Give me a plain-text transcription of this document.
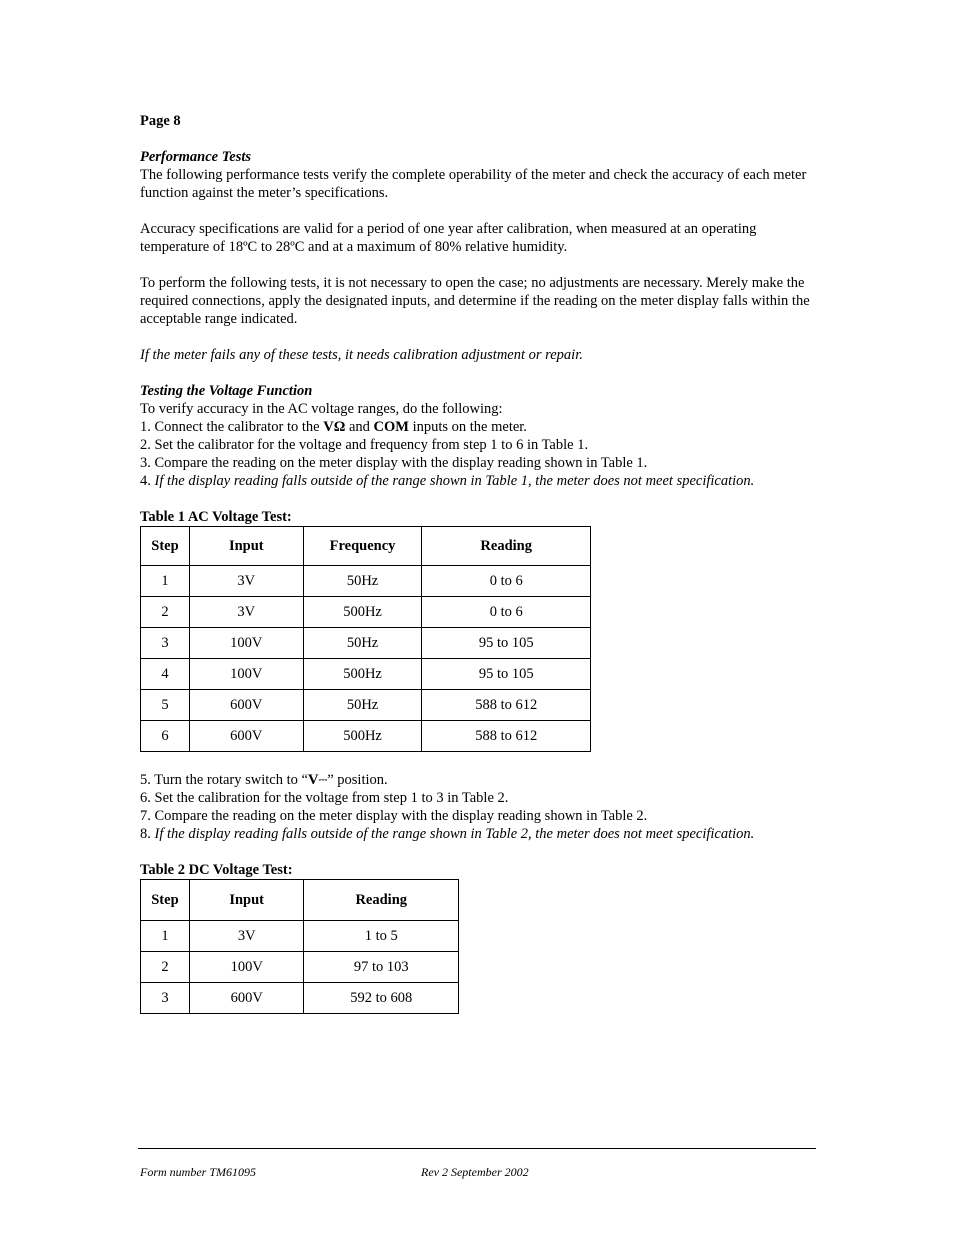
Page 8

Performance Tests

The following performance tests verify the complete operability of the meter and check the accuracy of each meter function against the meter’s specifications.

Accuracy specifications are valid for a period of one year after calibration, when measured at an operating temperature of 18ºC to 28ºC and at a maximum of 80% relative humidity.

To perform the following tests, it is not necessary to open the case; no adjustments are necessary. Merely make the required connections, apply the designated inputs, and determine if the reading on the meter display falls within the acceptable range indicated.

If the meter fails any of these tests, it needs calibration adjustment or repair.

Testing the Voltage Function

To verify accuracy in the AC voltage ranges, do the following:

1. Connect the calibrator to the VΩ and COM inputs on the meter.

2. Set the calibrator for the voltage and frequency from step 1 to 6 in Table 1.

3. Compare the reading on the meter display with the display reading shown in Table 1.

4. If the display reading falls outside of the range shown in Table 1, the meter does not meet specification.

Table 1 AC Voltage Test:

Step	Input	Frequency	Reading
1	3V	50Hz	0 to 6
2	3V	500Hz	0 to 6
3	100V	50Hz	95 to 105
4	100V	500Hz	95 to 105
5	600V	50Hz	588 to 612
6	600V	500Hz	588 to 612

5. Turn the rotary switch to “V⎓” position.

6. Set the calibration for the voltage from step 1 to 3 in Table 2.

7. Compare the reading on the meter display with the display reading shown in Table 2.

8. If the display reading falls outside of the range shown in Table 2, the meter does not meet specification.

Table 2 DC Voltage Test:

Step	Input	Reading
1	3V	1 to 5
2	100V	97 to 103
3	600V	592 to 608
Form number TM61095	Rev 2 September 2002
